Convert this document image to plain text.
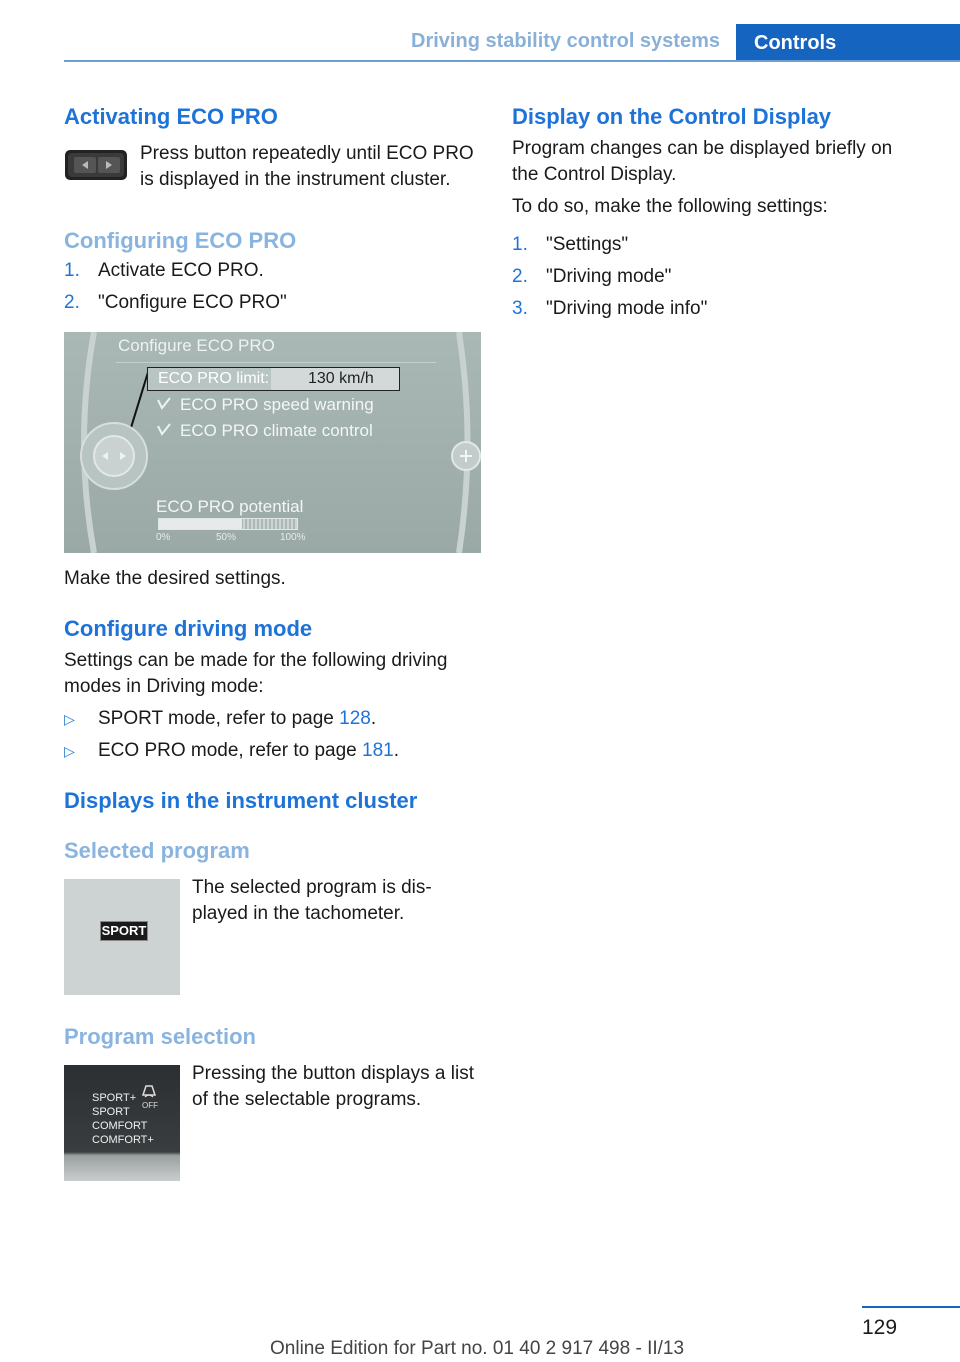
Driving stability control systems	Controls
Activating ECO PRO
Press button repeatedly until ECO PRO is displayed in the instrument cluster.
Configuring ECO PRO
1. Activate ECO PRO.
2. "Configure ECO PRO"
Configure ECO PRO
ECO PRO limit: 130 km/h
ECO PRO speed warning
ECO PRO climate control
ECO PRO potential
0%	50%	100%
Make the desired settings.
Configure driving mode
Settings can be made for the following driving modes in Driving mode:
▷ SPORT mode, refer to page 128.
▷ ECO PRO mode, refer to page 181.
Displays in the instrument cluster
Selected program
SPORT
The selected program is dis‐ played in the tachometer.
Program selection
SPORT+
SPORT
COMFORT
COMFORT+
OFF
Pressing the button displays a list of the selectable programs.
Display on the Control Display
Program changes can be displayed briefly on the Control Display.
To do so, make the following settings:
1. "Settings"
2. "Driving mode"
3. "Driving mode info"
129
Online Edition for Part no. 01 40 2 917 498 - II/13
